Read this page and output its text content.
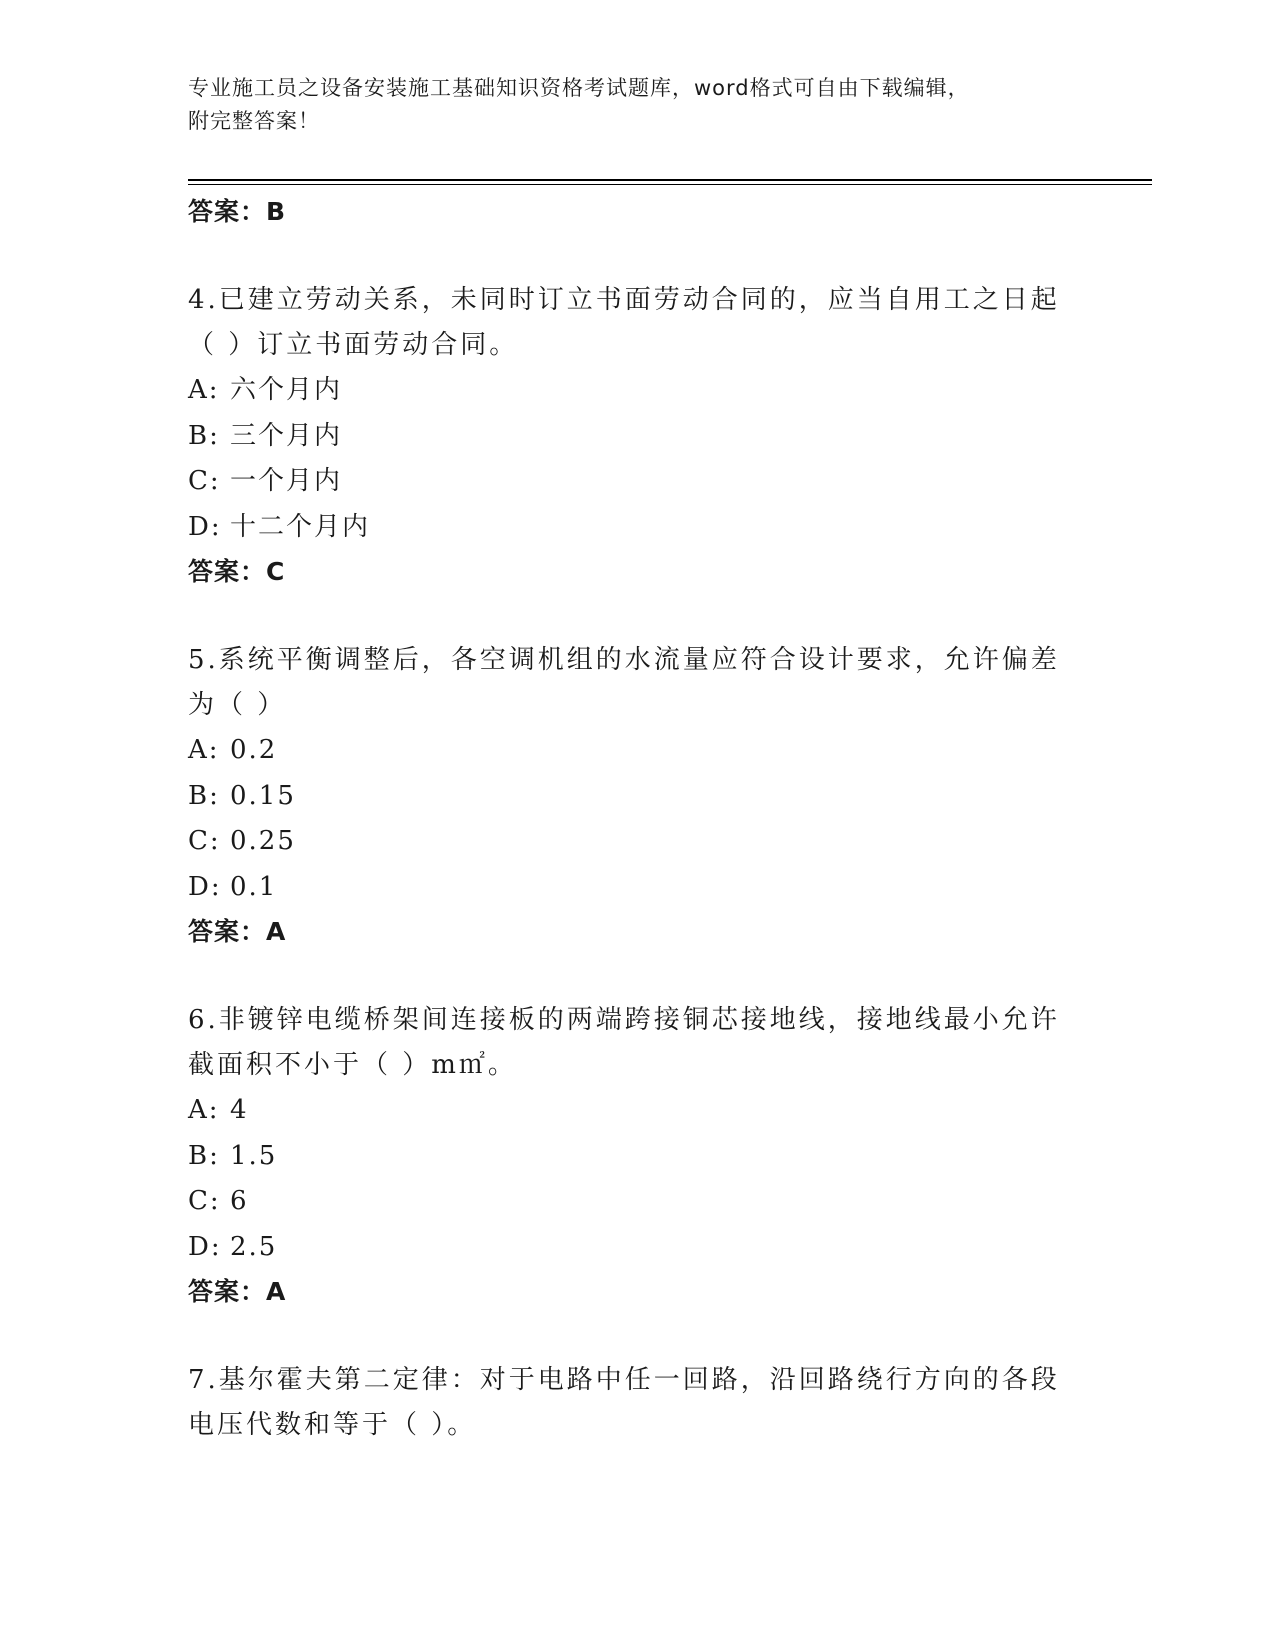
专业施工员之设备安装施工基础知识资格考试题库，word格式可自由下载编辑，
附完整答案！
答案：B

4.已建立劳动关系，未同时订立书面劳动合同的，应当自用工之日起
（ ）订立书面劳动合同。

A: 六个月内
B: 三个月内
C: 一个月内
D: 十二个月内
答案：C

5.系统平衡调整后，各空调机组的水流量应符合设计要求，允许偏差
为（ ）

A: 0.2
B: 0.15
C: 0.25
D: 0.1
答案：A

6.非镀锌电缆桥架间连接板的两端跨接铜芯接地线，接地线最小允许
截面积不小于（ ）m㎡。

A: 4
B: 1.5
C: 6
D: 2.5
答案：A

7.基尔霍夫第二定律：对于电路中任一回路，沿回路绕行方向的各段
电压代数和等于（ ）。
